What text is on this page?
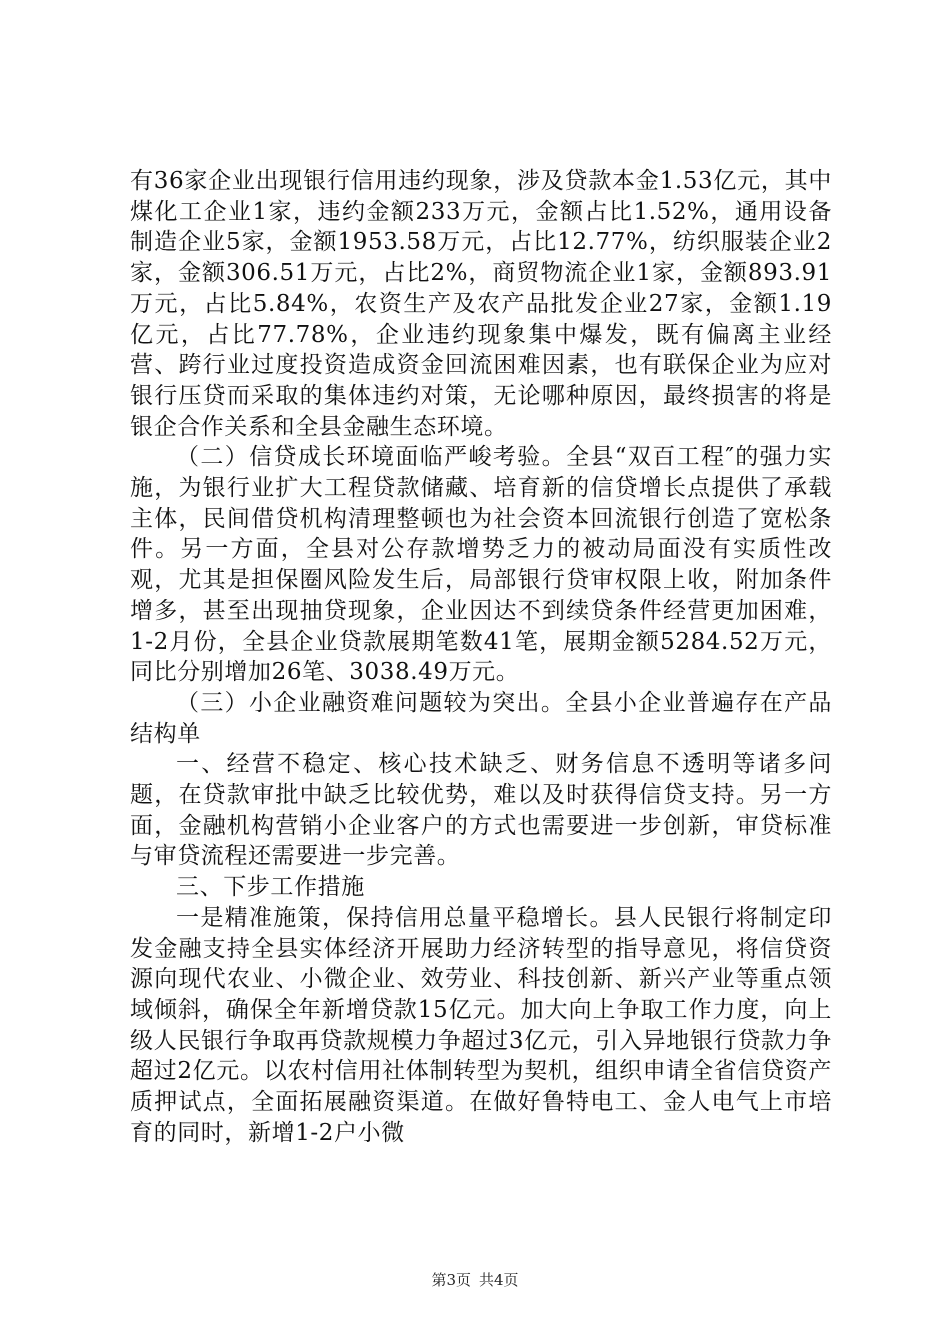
有36家企业出现银行信用违约现象，涉及贷款本金1.53亿元，其中煤化工企业1家，违约金额233万元，金额占比1.52%，通用设备制造企业5家，金额1953.58万元，占比12.77%，纺织服装企业2家，金额306.51万元，占比2%，商贸物流企业1家，金额893.91万元，占比5.84%，农资生产及农产品批发企业27家，金额1.19亿元，占比77.78%，企业违约现象集中爆发，既有偏离主业经营、跨行业过度投资造成资金回流困难因素，也有联保企业为应对银行压贷而采取的集体违约对策，无论哪种原因，最终损害的将是银企合作关系和全县金融生态环境。

（二）信贷成长环境面临严峻考验。全县“双百工程″的强力实施，为银行业扩大工程贷款储藏、培育新的信贷增长点提供了承载主体，民间借贷机构清理整顿也为社会资本回流银行创造了宽松条件。另一方面，全县对公存款增势乏力的被动局面没有实质性改观，尤其是担保圈风险发生后，局部银行贷审权限上收，附加条件增多，甚至出现抽贷现象，企业因达不到续贷条件经营更加困难，1-2月份，全县企业贷款展期笔数41笔，展期金额5284.52万元，同比分别增加26笔、3038.49万元。

（三）小企业融资难问题较为突出。全县小企业普遍存在产品结构单

一、经营不稳定、核心技术缺乏、财务信息不透明等诸多问题，在贷款审批中缺乏比较优势，难以及时获得信贷支持。另一方面，金融机构营销小企业客户的方式也需要进一步创新，审贷标准与审贷流程还需要进一步完善。

三、下步工作措施

一是精准施策，保持信用总量平稳增长。县人民银行将制定印发金融支持全县实体经济开展助力经济转型的指导意见，将信贷资源向现代农业、小微企业、效劳业、科技创新、新兴产业等重点领域倾斜，确保全年新增贷款15亿元。加大向上争取工作力度，向上级人民银行争取再贷款规模力争超过3亿元，引入异地银行贷款力争超过2亿元。以农村信用社体制转型为契机，组织申请全省信贷资产质押试点，全面拓展融资渠道。在做好鲁特电工、金人电气上市培育的同时，新增1-2户小微

第3页 共4页
